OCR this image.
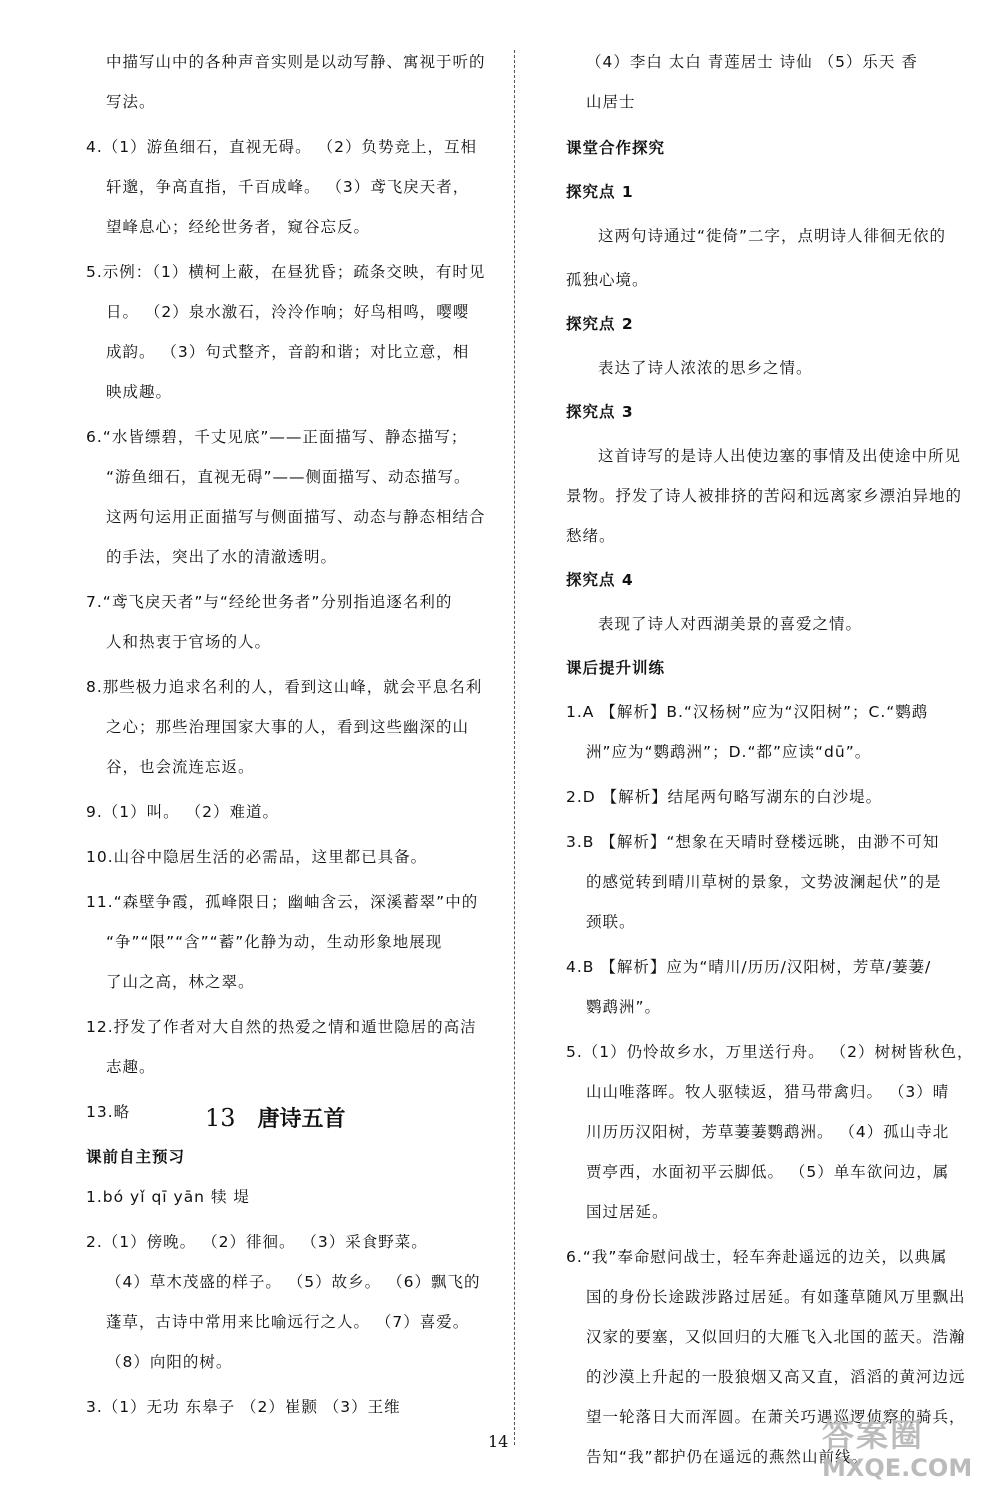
中描写山中的各种声音实则是以动写静、寓视于听的
写法。
4.（1）游鱼细石，直视无碍。 （2）负势竞上，互相
轩邈，争高直指，千百成峰。 （3）鸢飞戾天者，
望峰息心；经纶世务者，窥谷忘反。
5.示例：（1）横柯上蔽，在昼犹昏；疏条交映，有时见
日。 （2）泉水激石，泠泠作响；好鸟相鸣，嘤嘤
成韵。 （3）句式整齐，音韵和谐；对比立意，相
映成趣。
6.“水皆缥碧，千丈见底”——正面描写、静态描写；
“游鱼细石，直视无碍”——侧面描写、动态描写。
这两句运用正面描写与侧面描写、动态与静态相结合
的手法，突出了水的清澈透明。
7.“鸢飞戾天者”与“经纶世务者”分别指追逐名利的
人和热衷于官场的人。
8.那些极力追求名利的人，看到这山峰，就会平息名利
之心；那些治理国家大事的人，看到这些幽深的山
谷，也会流连忘返。
9.（1）叫。 （2）难道。
10.山谷中隐居生活的必需品，这里都已具备。
11.“森壁争霞，孤峰限日；幽岫含云，深溪蓄翠”中的
“争”“限”“含”“蓄”化静为动，生动形象地展现
了山之高，林之翠。
12.抒发了作者对大自然的热爱之情和遁世隐居的高洁
志趣。
13.略
课前自主预习
1.bó yǐ qī yān 犊 堤
2.（1）傍晚。 （2）徘徊。 （3）采食野菜。
（4）草木茂盛的样子。 （5）故乡。 （6）飘飞的
蓬草，古诗中常用来比喻远行之人。 （7）喜爱。
（8）向阳的树。
3.（1）无功 东皋子 （2）崔颢 （3）王维
（4）李白 太白 青莲居士 诗仙 （5）乐天 香
山居士
课堂合作探究
探究点 1
这两句诗通过“徙倚”二字，点明诗人徘徊无依的
孤独心境。
探究点 2
表达了诗人浓浓的思乡之情。
探究点 3
这首诗写的是诗人出使边塞的事情及出使途中所见
景物。抒发了诗人被排挤的苦闷和远离家乡漂泊异地的
愁绪。
探究点 4
表现了诗人对西湖美景的喜爱之情。
课后提升训练
1.A 【解析】B.“汉杨树”应为“汉阳树”；C.“鹦鹉
洲”应为“鹦鹉洲”；D.“都”应读“dū”。
2.D 【解析】结尾两句略写湖东的白沙堤。
3.B 【解析】“想象在天晴时登楼远眺，由渺不可知
的感觉转到晴川草树的景象，文势波澜起伏”的是
颈联。
4.B 【解析】应为“晴川/历历/汉阳树，芳草/萋萋/
鹦鹉洲”。
5.（1）仍怜故乡水，万里送行舟。 （2）树树皆秋色，
山山唯落晖。牧人驱犊返，猎马带禽归。 （3）晴
川历历汉阳树，芳草萋萋鹦鹉洲。 （4）孤山寺北
贾亭西，水面初平云脚低。 （5）单车欲问边，属
国过居延。
6.“我”奉命慰问战士，轻车奔赴遥远的边关，以典属
国的身份长途跋涉路过居延。有如蓬草随风万里飘出
汉家的要塞，又似回归的大雁飞入北国的蓝天。浩瀚
的沙漠上升起的一股狼烟又高又直，滔滔的黄河边远
望一轮落日大而浑圆。在萧关巧遇巡逻侦察的骑兵，
告知“我”都护仍在遥远的燕然山前线。
13 唐诗五首
14	答案圈
MXQE.COM
